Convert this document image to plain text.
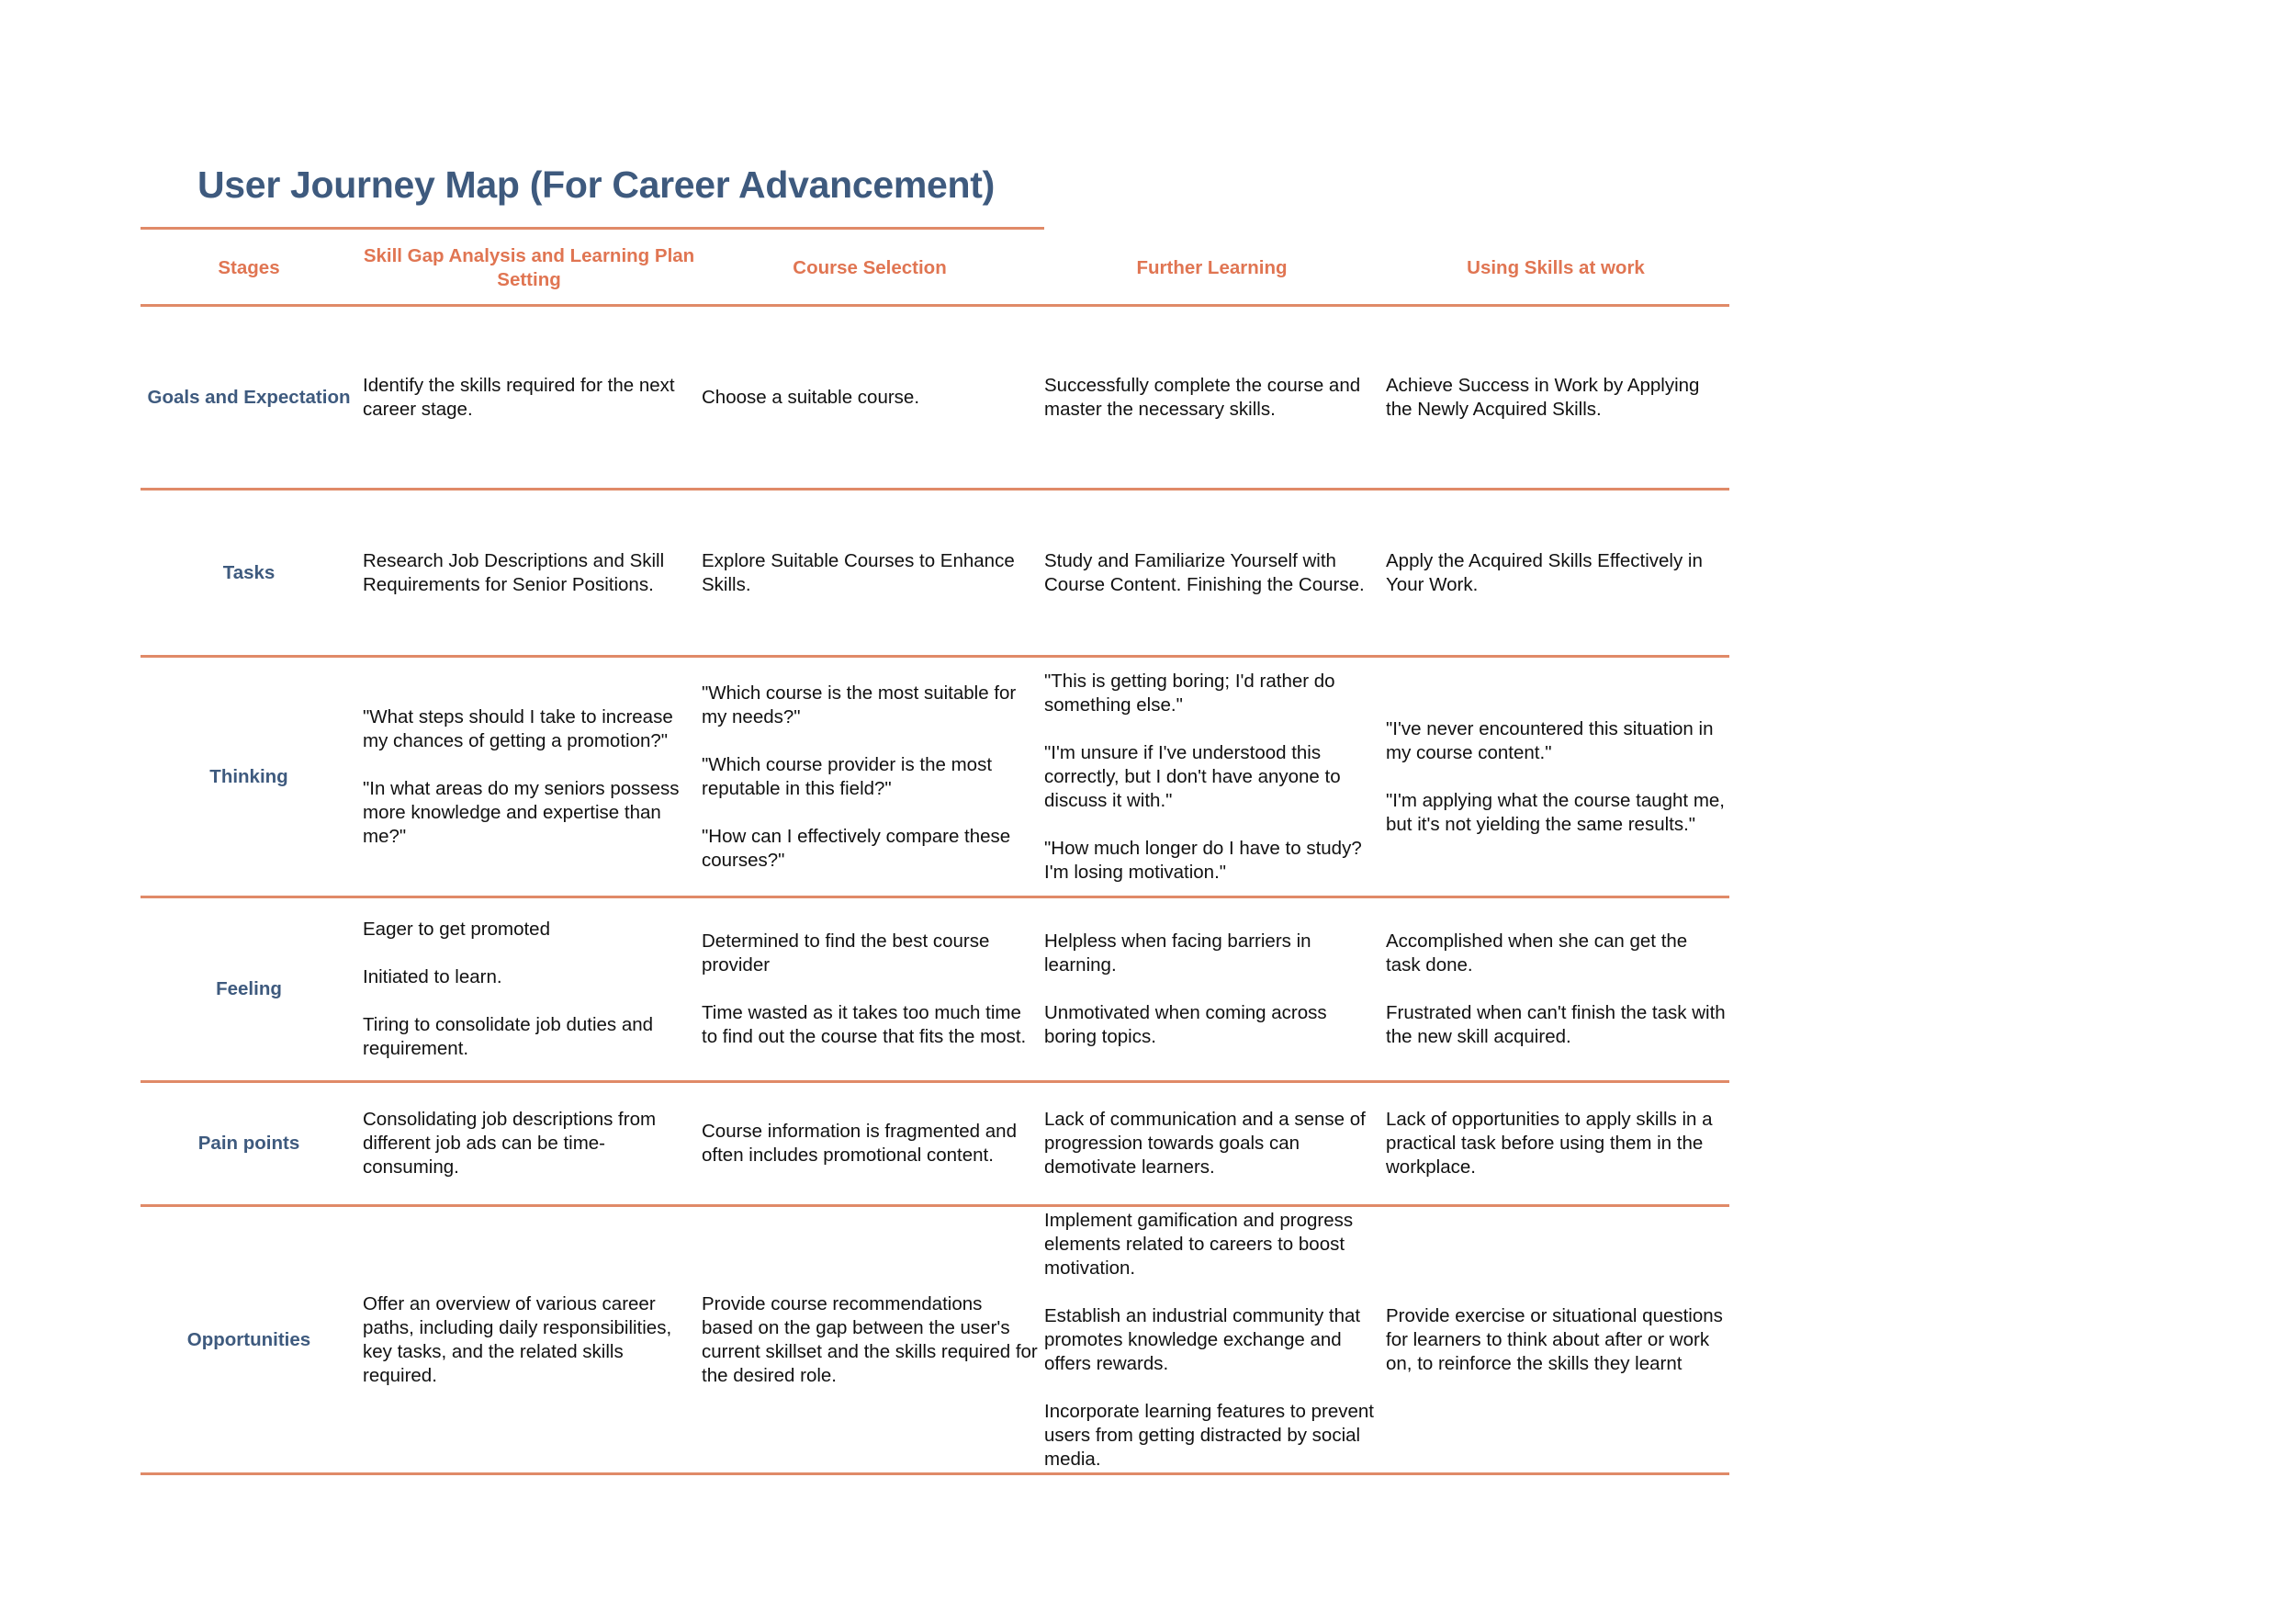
User Journey Map (For Career Advancement)
Stages
Skill Gap Analysis and Learning Plan Setting
Course Selection	Further Learning	Using Skills at work
Goals and Expectation

Identify the skills required for the next career stage.

Choose a suitable course.

Successfully complete the course and master the necessary skills.

Achieve Success in Work by Applying the Newly Acquired Skills.

Tasks

Research Job Descriptions and Skill Requirements for Senior Positions.

Explore Suitable Courses to Enhance Skills.

Study and Familiarize Yourself with Course Content. Finishing the Course.

Apply the Acquired Skills Effectively in Your Work.

Thinking

"What steps should I take to increase my chances of getting a promotion?"

"In what areas do my seniors possess more knowledge and expertise than me?"

"Which course is the most suitable for my needs?"

"Which course provider is the most reputable in this field?"

"How can I effectively compare these courses?"

"This is getting boring; I'd rather do something else."

"I'm unsure if I've understood this correctly, but I don't have anyone to discuss it with."

"How much longer do I have to study? I'm losing motivation."

"I've never encountered this situation in my course content."

"I'm applying what the course taught me, but it's not yielding the same results."

Feeling

Eager to get promoted

Initiated to learn.

Tiring to consolidate job duties and requirement.

Determined to find the best course provider

Time wasted as it takes too much time to find out the course that fits the most.

Helpless when facing barriers in learning.

Unmotivated when coming across boring topics.

Accomplished when she can get the task done.

Frustrated when can't finish the task with the new skill acquired.

Pain points

Consolidating job descriptions from different job ads can be time-consuming.

Course information is fragmented and often includes promotional content.

Lack of communication and a sense of progression towards goals can demotivate learners.

Lack of opportunities to apply skills in a practical task before using them in the workplace.

Opportunities

Offer an overview of various career paths, including daily responsibilities, key tasks, and the related skills required.

Provide course recommendations based on the gap between the user's current skillset and the skills required for the desired role.

Implement gamification and progress elements related to careers to boost motivation.

Establish an industrial community that promotes knowledge exchange and offers rewards.

Incorporate learning features to prevent users from getting distracted by social media.

Provide exercise or situational questions for learners to think about after or work on, to reinforce the skills they learnt
